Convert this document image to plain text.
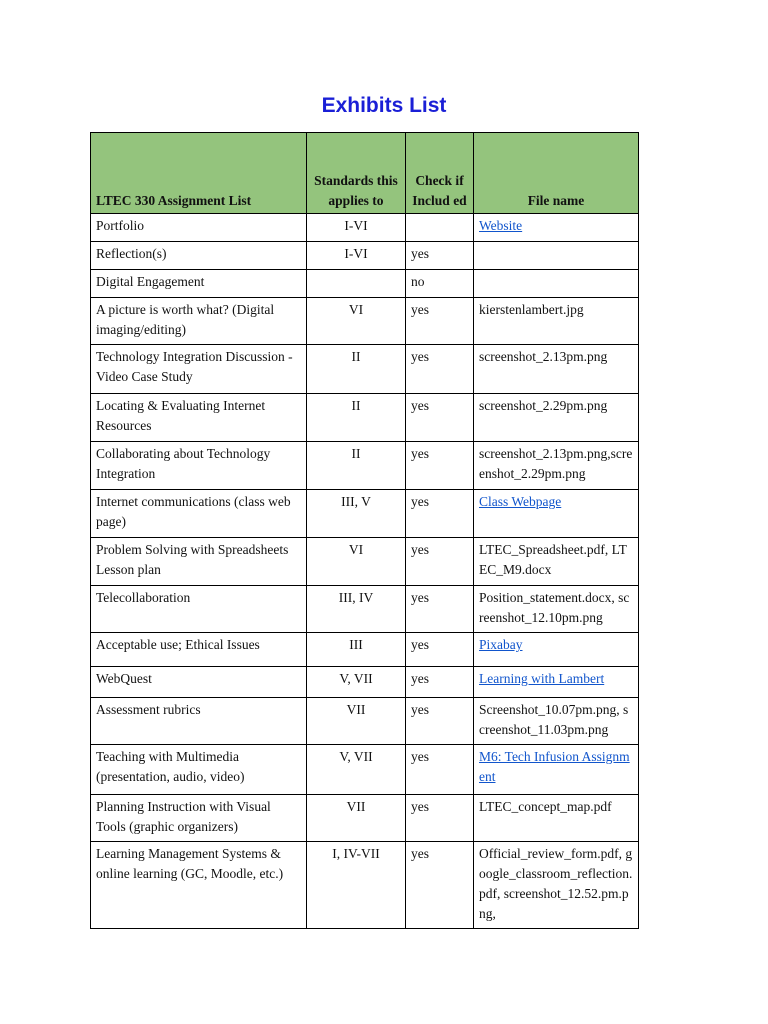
Exhibits List
LTEC 330 Assignment List	Standards this applies to	Check if Includ ed	File name
Portfolio	I-VI		Website
Reflection(s)	I-VI	yes	
Digital Engagement		no	
A picture is worth what? (Digital imaging/editing)	VI	yes	kierstenlambert.jpg
Technology Integration Discussion - Video Case Study	II	yes	screenshot_2.13pm.png
Locating & Evaluating Internet Resources	II	yes	screenshot_2.29pm.png
Collaborating about Technology Integration	II	yes	screenshot_2.13pm.png,screenshot_2.29pm.png
Internet communications (class web page)	III, V	yes	Class Webpage
Problem Solving with Spreadsheets Lesson plan	VI	yes	LTEC_Spreadsheet.pdf, LTEC_M9.docx
Telecollaboration	III, IV	yes	Position_statement.docx, screenshot_12.10pm.png
Acceptable use; Ethical Issues	III	yes	Pixabay
WebQuest	V, VII	yes	Learning with Lambert
Assessment rubrics	VII	yes	Screenshot_10.07pm.png, screenshot_11.03pm.png
Teaching with Multimedia (presentation, audio, video)	V, VII	yes	M6: Tech Infusion Assignment
Planning Instruction with Visual Tools (graphic organizers)	VII	yes	LTEC_concept_map.pdf
Learning Management Systems & online learning (GC, Moodle, etc.)	I, IV-VII	yes	Official_review_form.pdf, google_classroom_reflection.pdf, screenshot_12.52.pm.png,
